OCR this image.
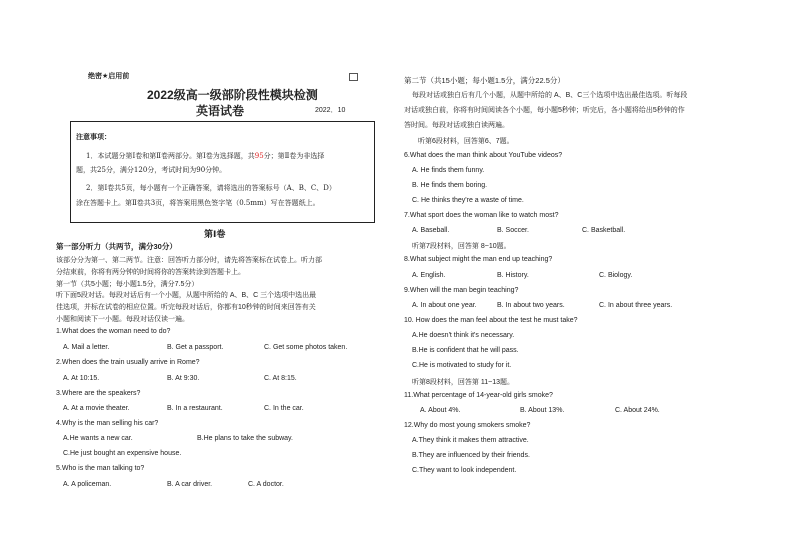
绝密★启用前
2022级高一级部阶段性模块检测
英语试卷	2022．10
注意事项：
1．本试题分第Ⅰ卷和第Ⅱ卷两部分。第Ⅰ卷为选择题，共95分；第Ⅱ卷为非选择
题，共25分，满分120分，考试时间为90分钟。
2．第Ⅰ卷共5页，每小题有一个正确答案，请将选出的答案标号（A、B、C、D）
涂在答题卡上。第Ⅱ卷共3页，将答案用黑色签字笔（0.5mm）写在答题纸上。
第Ⅰ卷
第一部分听力（共两节，满分30分）
该部分分为第一、第二两节。注意：回答听力部分时，请先将答案标在试卷上。听力部
分结束前，你将有两分钟的时间将你的答案转涂到答题卡上。
第一节（共5小题；每小题1.5分，满分7.5分）
听下面5段对话。每段对话后有一个小题，从题中所给的 A、B、C 三个选项中选出最
佳选项，并标在试卷的相应位置。听完每段对话后，你都有10秒钟的时间来回答有关
小题和阅读下一小题。每段对话仅读一遍。
1.What does the woman need to do?
A. Mail a letter.	B. Get a passport.	C. Get some photos taken.
2.When does the train usually arrive in Rome?
A. At 10:15.	B. At 9:30.	C. At 8:15.
3.Where are the speakers?
A. At a movie theater.	B. In a restaurant.	C. In the car.
4.Why is the man selling his car?
A.He wants a new car.	B.He plans to take the subway.
C.He just bought an expensive house.
5.Who is the man talking to?
A. A policeman.	B. A car driver.	C. A doctor.
第二节（共15小题；每小题1.5分，满分22.5分）
每段对话或独白后有几个小题，从题中所给的 A、B、C三个选项中选出最佳选项。听每段
对话或独白前，你将有时间阅读各个小题，每小题5秒钟；听完后，各小题将给出5秒钟的作
答时间。每段对话或独白读两遍。
听第6段材料，回答第6、7题。
6.What does the man think about YouTube videos?
A. He finds them funny.
B. He finds them boring.
C. He thinks they're a waste of time.
7.What sport does the woman like to watch most?
A. Baseball.	B. Soccer.	C. Basketball.
听第7段材料，回答第 8~10题。
8.What subject might the man end up teaching?
A. English.	B. History.	C. Biology.
9.When will the man begin teaching?
A. In about one year.	B. In about two years.	C. In about three years.
10. How does the man feel about the test he must take?
A.He doesn't think it's necessary.
B.He is confident that he will pass.
C.He is motivated to study for it.
听第8段材料，回答第 11~13题。
11.What percentage of 14-year-old girls smoke?
A. About 4%.	B. About 13%.	C. About 24%.
12.Why do most young smokers smoke?
A.They think it makes them attractive.
B.They are influenced by their friends.
C.They want to look independent.
